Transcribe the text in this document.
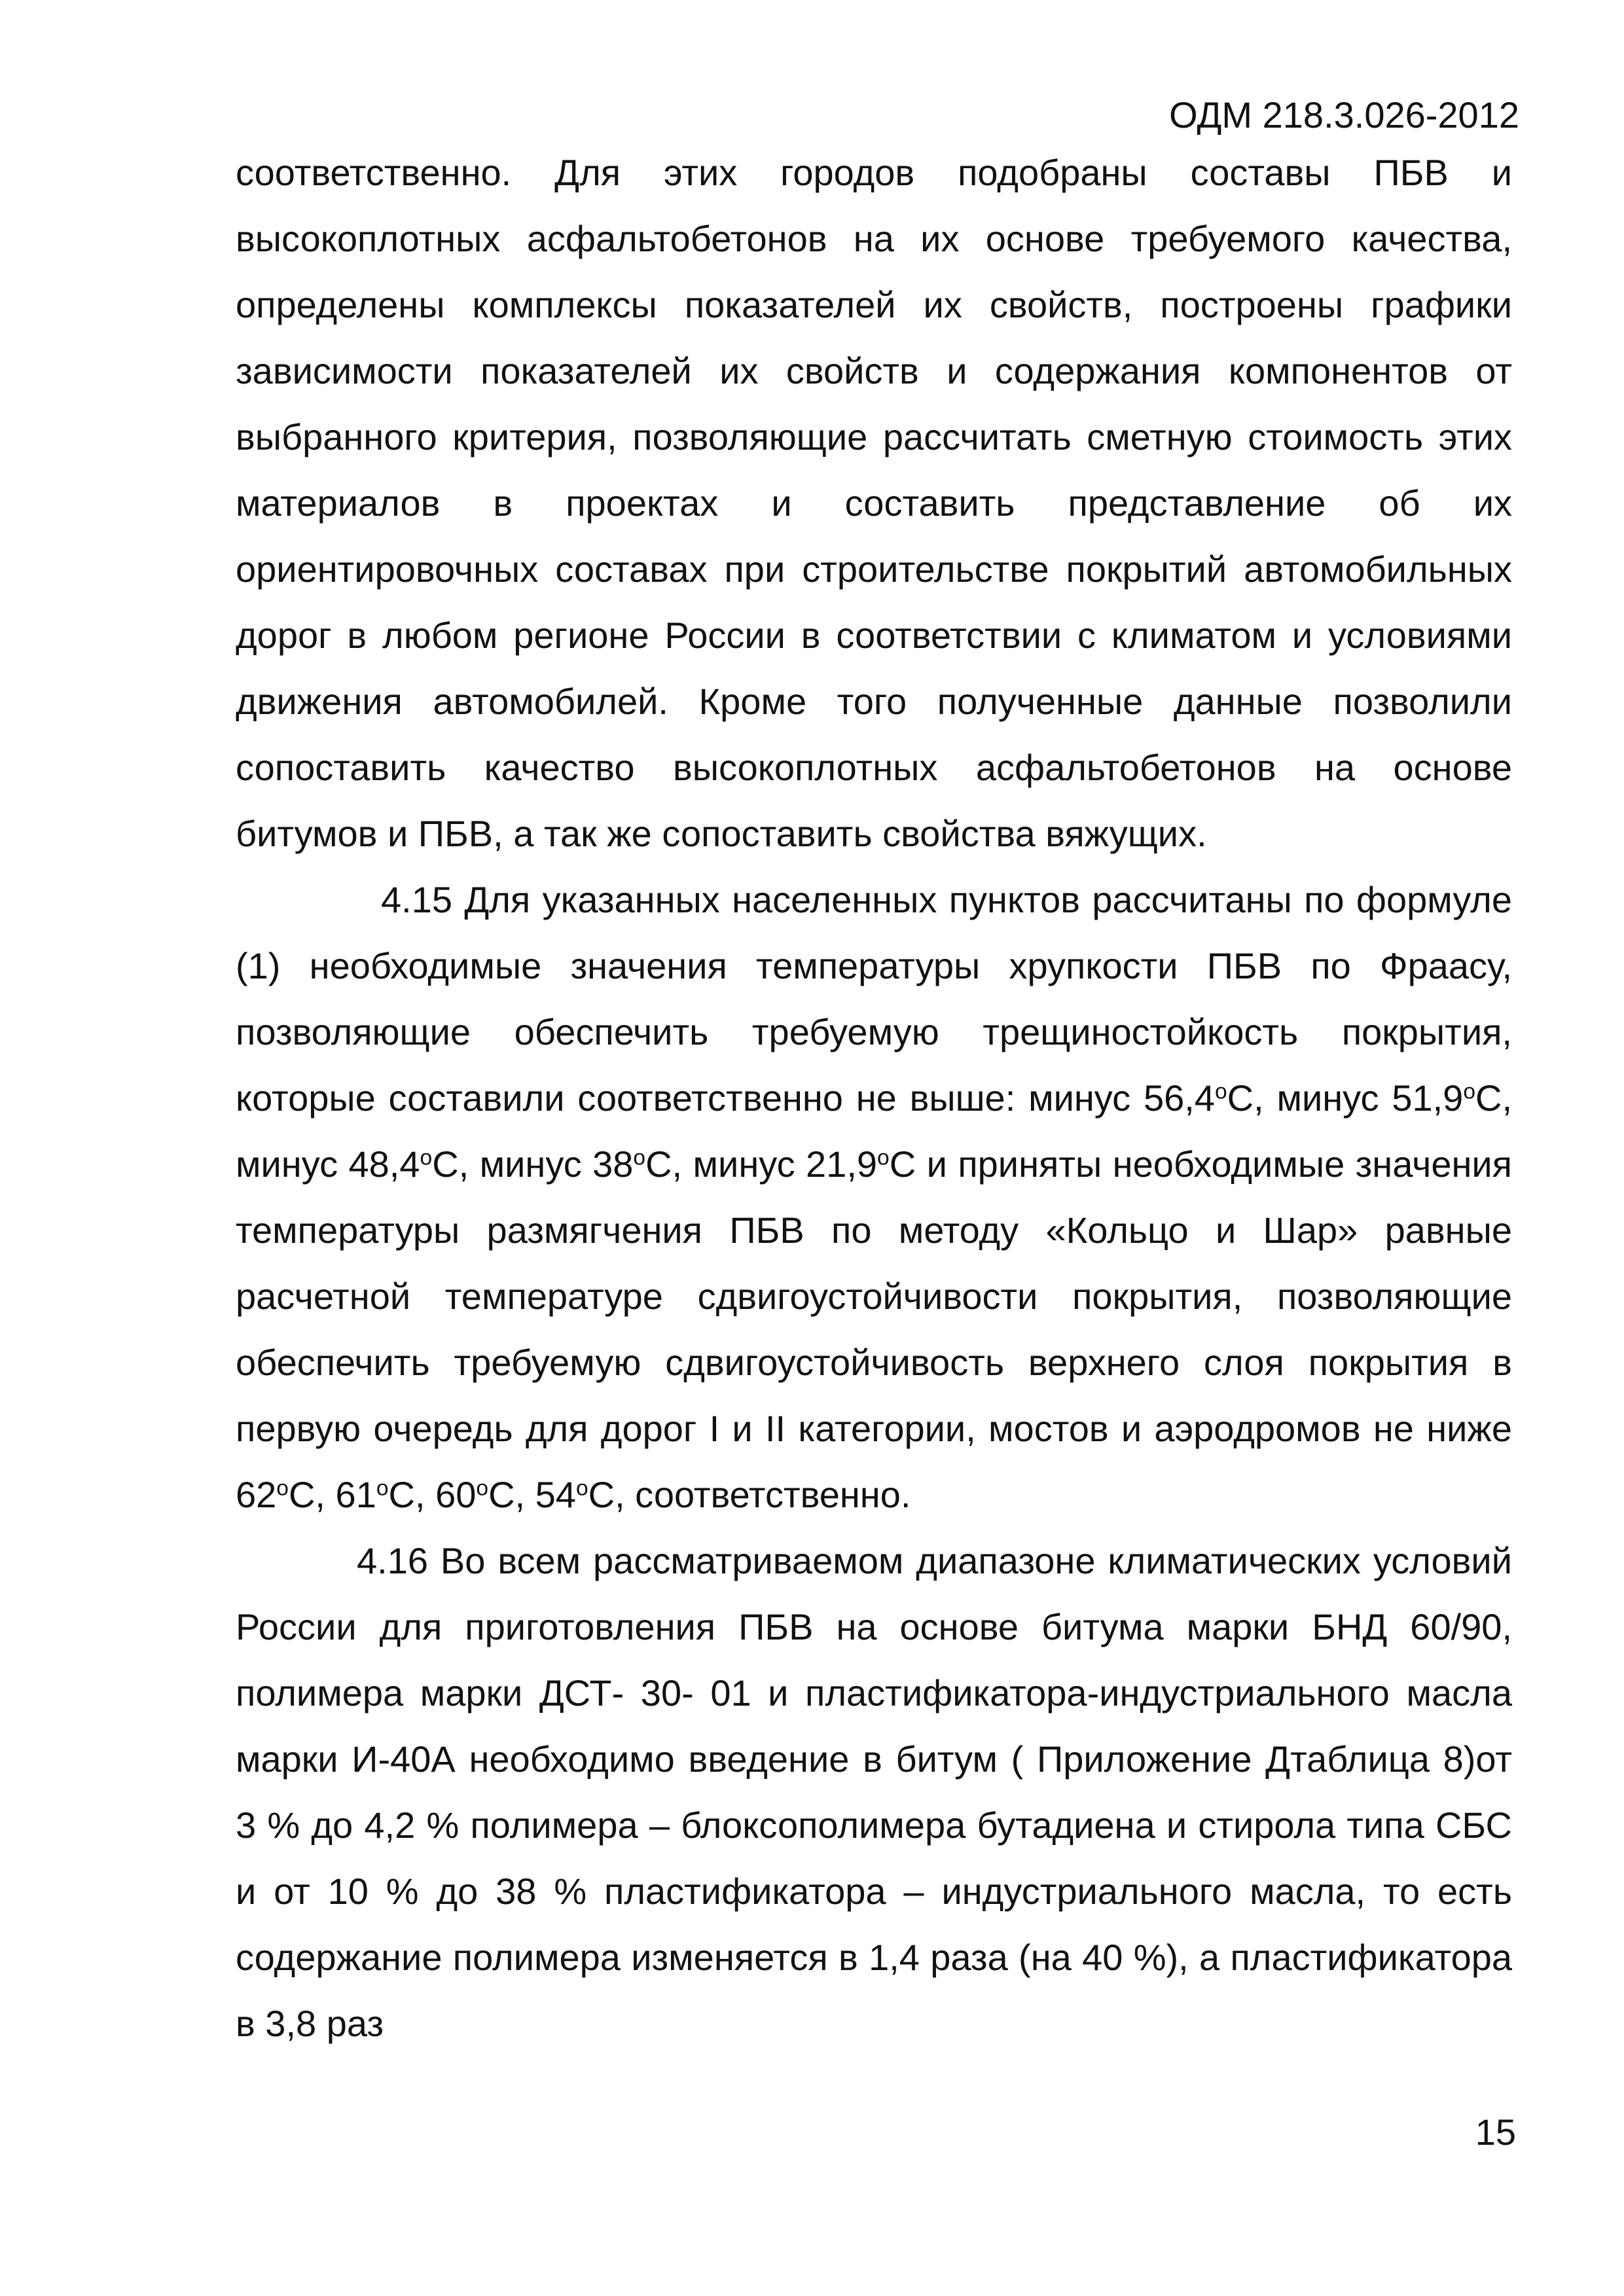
ОДМ 218.3.026-2012

соответственно. Для этих городов подобраны составы ПБВ и высокоплотных асфальтобетонов на их основе требуемого качества, определены комплексы показателей их свойств, построены графики зависимости показателей их свойств и содержания компонентов от выбранного критерия, позволяющие рассчитать сметную стоимость этих материалов в проектах и составить представление об их ориентировочных составах при строительстве покрытий автомобильных дорог в любом регионе России в соответствии с климатом и условиями движения автомобилей. Кроме того полученные данные позволили сопоставить качество высокоплотных асфальтобетонов на основе битумов и ПБВ, а так же сопоставить свойства вяжущих.

4.15 Для указанных населенных пунктов рассчитаны по формуле (1) необходимые значения температуры хрупкости ПБВ по Фраасу, позволяющие обеспечить требуемую трещиностойкость покрытия, которые составили соответственно не выше: минус 56,4$^o$С, минус 51,9$^o$С, минус 48,4$^o$С, минус 38$^o$С, минус 21,9$^o$С и приняты необходимые значения температуры размягчения ПБВ по методу «Кольцо и Шар» равные расчетной температуре сдвигоустойчивости покрытия, позволяющие обеспечить требуемую сдвигоустойчивость верхнего слоя покрытия в первую очередь для дорог I и II категории, мостов и аэродромов не ниже 62$^o$С, 61$^o$С, 60$^o$С, 54$^o$С, соответственно.

4.16 Во всем рассматриваемом диапазоне климатических условий России для приготовления ПБВ на основе битума марки БНД 60/90, полимера марки ДСТ- 30- 01 и пластификатора-индустриального масла марки И-40А необходимо введение в битум ( Приложение Дтаблица 8)от 3 % до 4,2 % полимера – блоксополимера бутадиена и стирола типа СБС и от 10 % до 38 % пластификатора – индустриального масла, то есть содержание полимера изменяется в 1,4 раза (на 40 %), а пластификатора в 3,8 раз

15
